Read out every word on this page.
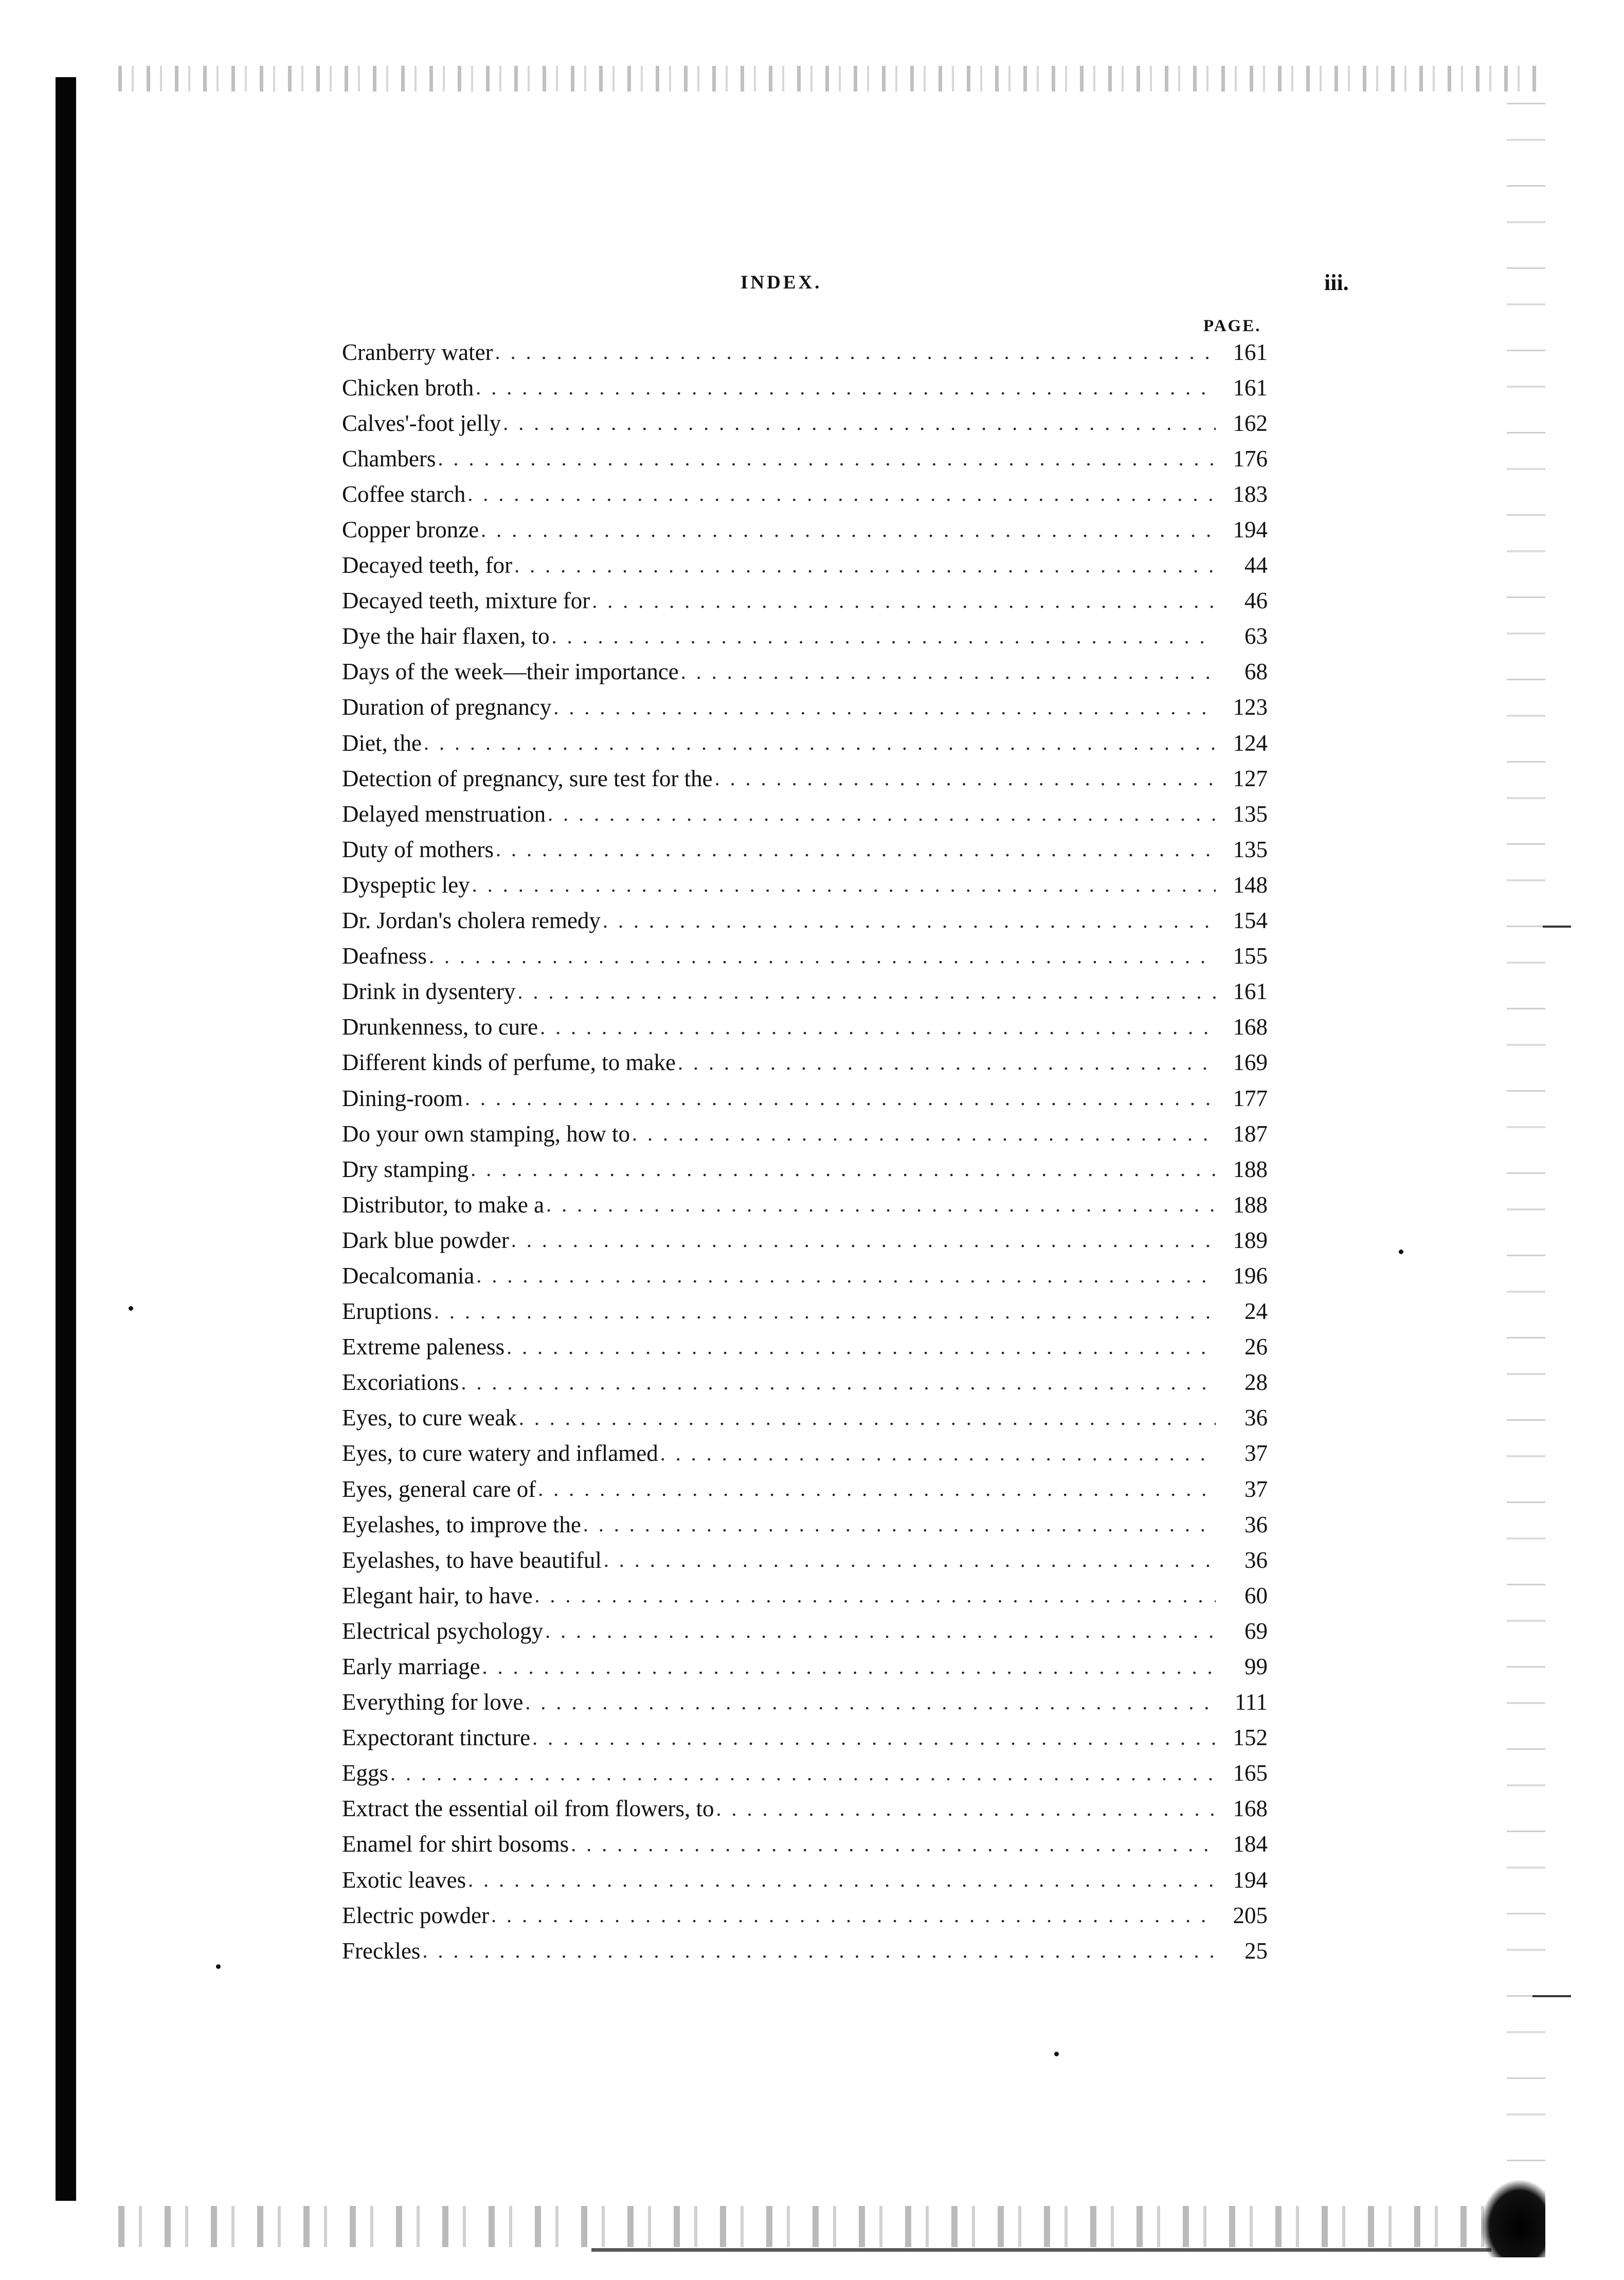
INDEX.	iii.
PAGE.
Cranberry water . . .	161
Chicken broth . . .	161
Calves'-foot jelly . . .	162
Chambers . . .	176
Coffee starch . . .	183
Copper bronze . . .	194
Decayed teeth, for . . .	44
Decayed teeth, mixture for . . .	46
Dye the hair flaxen, to . . .	63
Days of the week—their importance . . .	68
Duration of pregnancy . . .	123
Diet, the . . .	124
Detection of pregnancy, sure test for the . . .	127
Delayed menstruation . . .	135
Duty of mothers . . .	135
Dyspeptic ley . . .	148
Dr. Jordan's cholera remedy . . .	154
Deafness . . .	155
Drink in dysentery . . .	161
Drunkenness, to cure . . .	168
Different kinds of perfume, to make . . .	169
Dining-room . . .	177
Do your own stamping, how to . . .	187
Dry stamping . . .	188
Distributor, to make a . . .	188
Dark blue powder . . .	189
Decalcomania . . .	196
Eruptions . . .	24
Extreme paleness . . .	26
Excoriations . . .	28
Eyes, to cure weak . . .	36
Eyes, to cure watery and inflamed . . .	37
Eyes, general care of . . .	37
Eyelashes, to improve the . . .	36
Eyelashes, to have beautiful . . .	36
Elegant hair, to have . . .	60
Electrical psychology . . .	69
Early marriage . . .	99
Everything for love . . .	111
Expectorant tincture . . .	152
Eggs . . .	165
Extract the essential oil from flowers, to . . .	168
Enamel for shirt bosoms . . .	184
Exotic leaves . . .	194
Electric powder . . .	205
Freckles . . .	25
